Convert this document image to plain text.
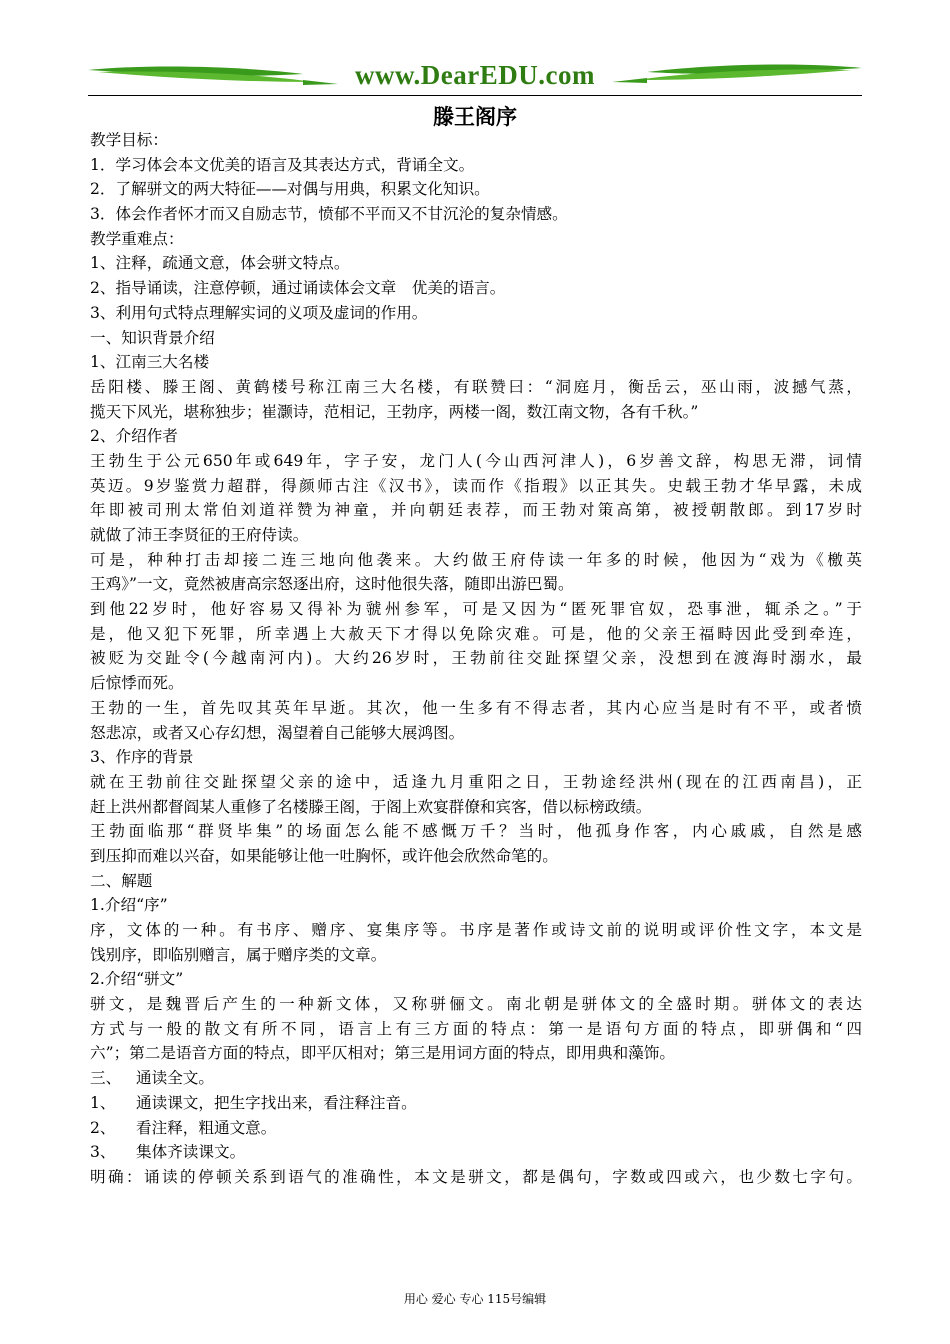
www.DearEDU.com
滕王阁序
教学目标：
1．学习体会本文优美的语言及其表达方式，背诵全文。
2．了解骈文的两大特征——对偶与用典，积累文化知识。
3．体会作者怀才而又自励志节，愤郁不平而又不甘沉沦的复杂情感。
教学重难点：
1、注释，疏通文意，体会骈文特点。
2、指导诵读，注意停顿，通过诵读体会文章　优美的语言。
3、利用句式特点理解实词的义项及虚词的作用。
一、知识背景介绍
1、江南三大名楼
岳阳楼、滕王阁、黄鹤楼号称江南三大名楼，有联赞曰：“洞庭月，衡岳云，巫山雨，波撼气蒸，
揽天下风光，堪称独步；崔灏诗，范相记，王勃序，两楼一阁，数江南文物，各有千秋。”
2、介绍作者
王勃生于公元650年或649年，字子安，龙门人(今山西河津人)，6岁善文辞，构思无滞，词情
英迈。9岁鉴赏力超群，得颜师古注《汉书》，读而作《指瑕》以正其失。史载王勃才华早露，未成
年即被司刑太常伯刘道祥赞为神童，并向朝廷表荐，而王勃对策高第，被授朝散郎。到17岁时
就做了沛王李贤征的王府侍读。
可是，种种打击却接二连三地向他袭来。大约做王府侍读一年多的时候，他因为“戏为《檄英
王鸡》”一文，竟然被唐高宗怒逐出府，这时他很失落，随即出游巴蜀。
到他22岁时，他好容易又得补为虢州参军，可是又因为“匿死罪官奴，恐事泄，辄杀之。”于
是，他又犯下死罪，所幸遇上大赦天下才得以免除灾难。可是，他的父亲王福畤因此受到牵连，
被贬为交趾令(今越南河内)。大约26岁时，王勃前往交趾探望父亲，没想到在渡海时溺水，最
后惊悸而死。
王勃的一生，首先叹其英年早逝。其次，他一生多有不得志者，其内心应当是时有不平，或者愤
怒悲凉，或者又心存幻想，渴望着自己能够大展鸿图。
3、作序的背景
就在王勃前往交趾探望父亲的途中，适逢九月重阳之日，王勃途经洪州(现在的江西南昌)，正
赶上洪州都督阎某人重修了名楼滕王阁，于阁上欢宴群僚和宾客，借以标榜政绩。
王勃面临那“群贤毕集”的场面怎么能不感慨万千？当时，他孤身作客，内心戚戚，自然是感
到压抑而难以兴奋，如果能够让他一吐胸怀，或许他会欣然命笔的。
二、解题
1.介绍“序”
序，文体的一种。有书序、赠序、宴集序等。书序是著作或诗文前的说明或评价性文字，本文是
饯别序，即临别赠言，属于赠序类的文章。
2.介绍“骈文”
骈文，是魏晋后产生的一种新文体，又称骈俪文。南北朝是骈体文的全盛时期。骈体文的表达
方式与一般的散文有所不同，语言上有三方面的特点：第一是语句方面的特点，即骈偶和“四
六”；第二是语音方面的特点，即平仄相对；第三是用词方面的特点，即用典和藻饰。
三、 通读全文。
1、 通读课文，把生字找出来，看注释注音。
2、 看注释，粗通文意。
3、 集体齐读课文。
明确：诵读的停顿关系到语气的准确性，本文是骈文，都是偶句，字数或四或六，也少数七字句。
用心 爱心 专心 115号编辑
